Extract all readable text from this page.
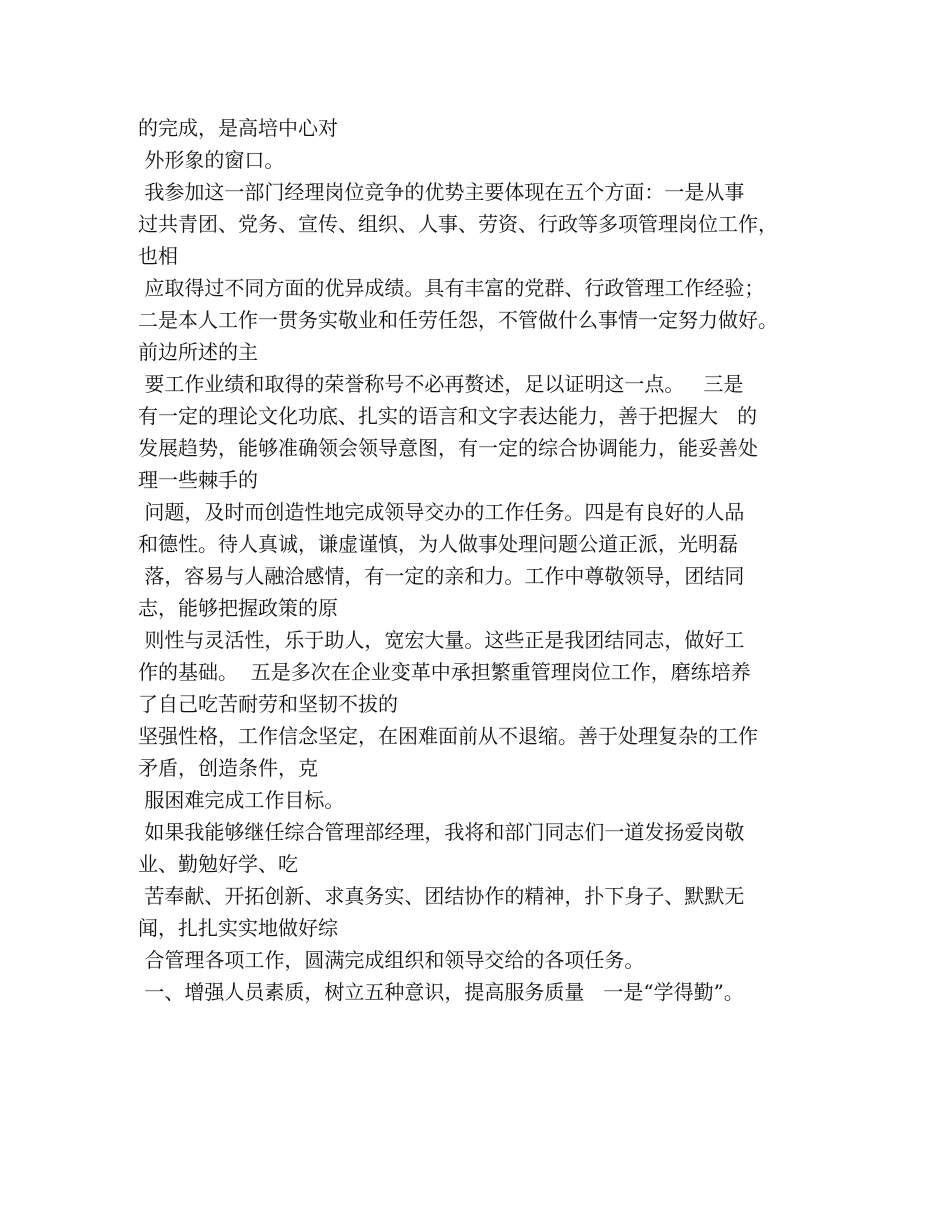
的完成，是高培中心对
外形象的窗口。
我参加这一部门经理岗位竞争的优势主要体现在五个方面：一是从事
过共青团、党务、宣传、组织、人事、劳资、行政等多项管理岗位工作，
也相
应取得过不同方面的优异成绩。具有丰富的党群、行政管理工作经验；
二是本人工作一贯务实敬业和任劳任怨，不管做什么事情一定努力做好。
前边所述的主
要工作业绩和取得的荣誉称号不必再赘述，足以证明这一点。   三是
有一定的理论文化功底、扎实的语言和文字表达能力，善于把握大   的
发展趋势，能够准确领会领导意图，有一定的综合协调能力，能妥善处
理一些棘手的
问题，及时而创造性地完成领导交办的工作任务。四是有良好的人品
和德性。待人真诚，谦虚谨慎，为人做事处理问题公道正派，光明磊
落，容易与人融洽感情，有一定的亲和力。工作中尊敬领导，团结同
志，能够把握政策的原
则性与灵活性，乐于助人，宽宏大量。这些正是我团结同志，做好工
作的基础。  五是多次在企业变革中承担繁重管理岗位工作，磨练培养
了自己吃苦耐劳和坚韧不拔的
坚强性格，工作信念坚定，在困难面前从不退缩。善于处理复杂的工作
矛盾，创造条件，克
服困难完成工作目标。
如果我能够继任综合管理部经理，我将和部门同志们一道发扬爱岗敬
业、勤勉好学、吃
苦奉献、开拓创新、求真务实、团结协作的精神，扑下身子、默默无
闻，扎扎实实地做好综
合管理各项工作，圆满完成组织和领导交给的各项任务。
一、增强人员素质，树立五种意识，提高服务质量   一是“学得勤”。
